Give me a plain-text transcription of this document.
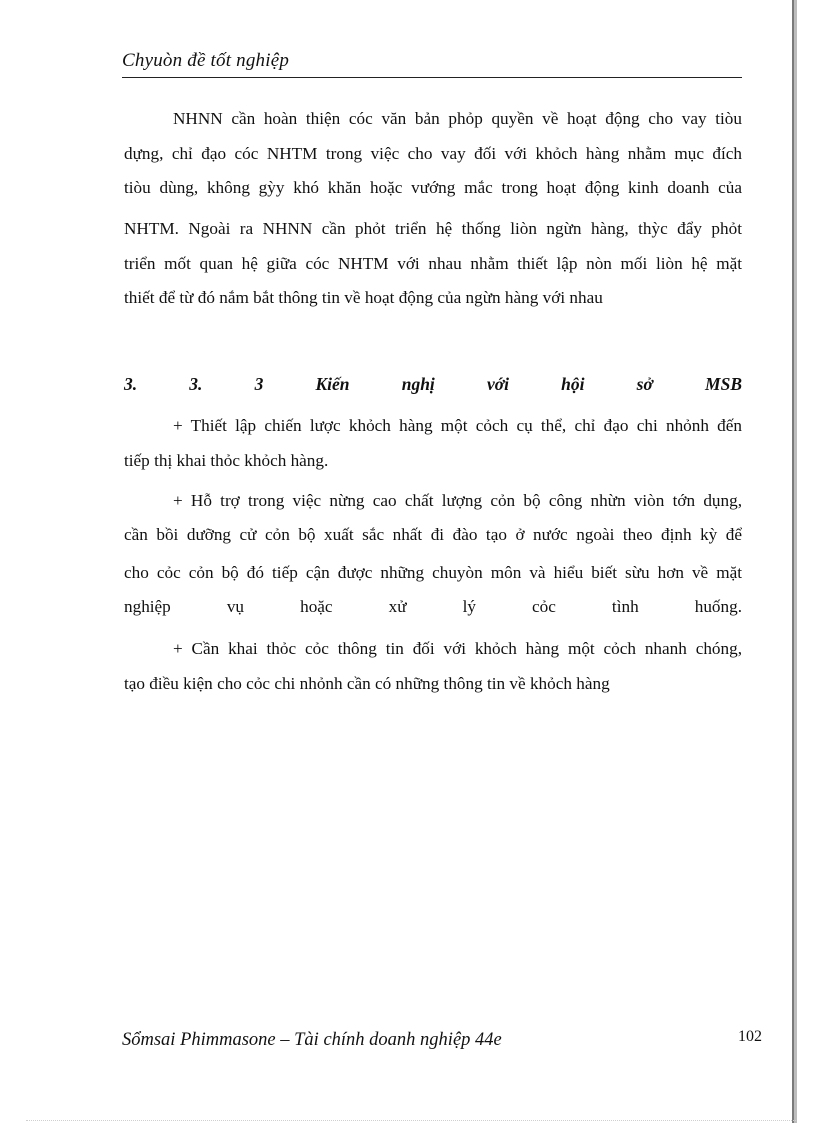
Chyuòn đề tốt nghiệp
NHNN cần hoàn thiện cóc văn bản phỏp quyền về hoạt động cho vay tiòu
dựng, chỉ đạo cóc NHTM trong việc cho vay đối với khỏch hàng nhằm mục đích
tiòu dùng, không gỳy khó khăn hoặc vướng mắc trong hoạt động kinh doanh của
NHTM. Ngoài ra NHNN cần phỏt triển hệ thống liòn ngừn hàng, thỳc đẩy phỏt
triển mốt quan hệ giữa cóc NHTM với nhau nhằm thiết lập nòn mối liòn hệ mặt
thiết để từ đó nắm bắt thông tin về hoạt động của ngừn hàng với nhau
3. 3. 3 Kiến nghị với hội sở MSB
+ Thiết lập chiến lược khỏch hàng một cỏch cụ thể, chỉ đạo chi nhỏnh đến
tiếp thị khai thỏc khỏch hàng.
+ Hỗ trợ trong việc nừng cao chất lượng cỏn bộ công nhừn viòn tớn dụng,
cần bồi dưỡng cử cỏn bộ xuất sắc nhất đi đào tạo ở nước ngoài theo định kỳ để
cho cỏc cỏn bộ đó tiếp cận được những chuyòn môn và hiểu biết sừu hơn về mặt
nghiệp vụ hoặc xử lý cỏc tình huống.
+ Cần khai thỏc cỏc thông tin đối với khỏch hàng một cỏch nhanh chóng,
tạo điều kiện cho cỏc chi nhỏnh cần có những thông tin về khỏch hàng
Sổmsai Phimmasone – Tài chính doanh nghiệp 44e	102
